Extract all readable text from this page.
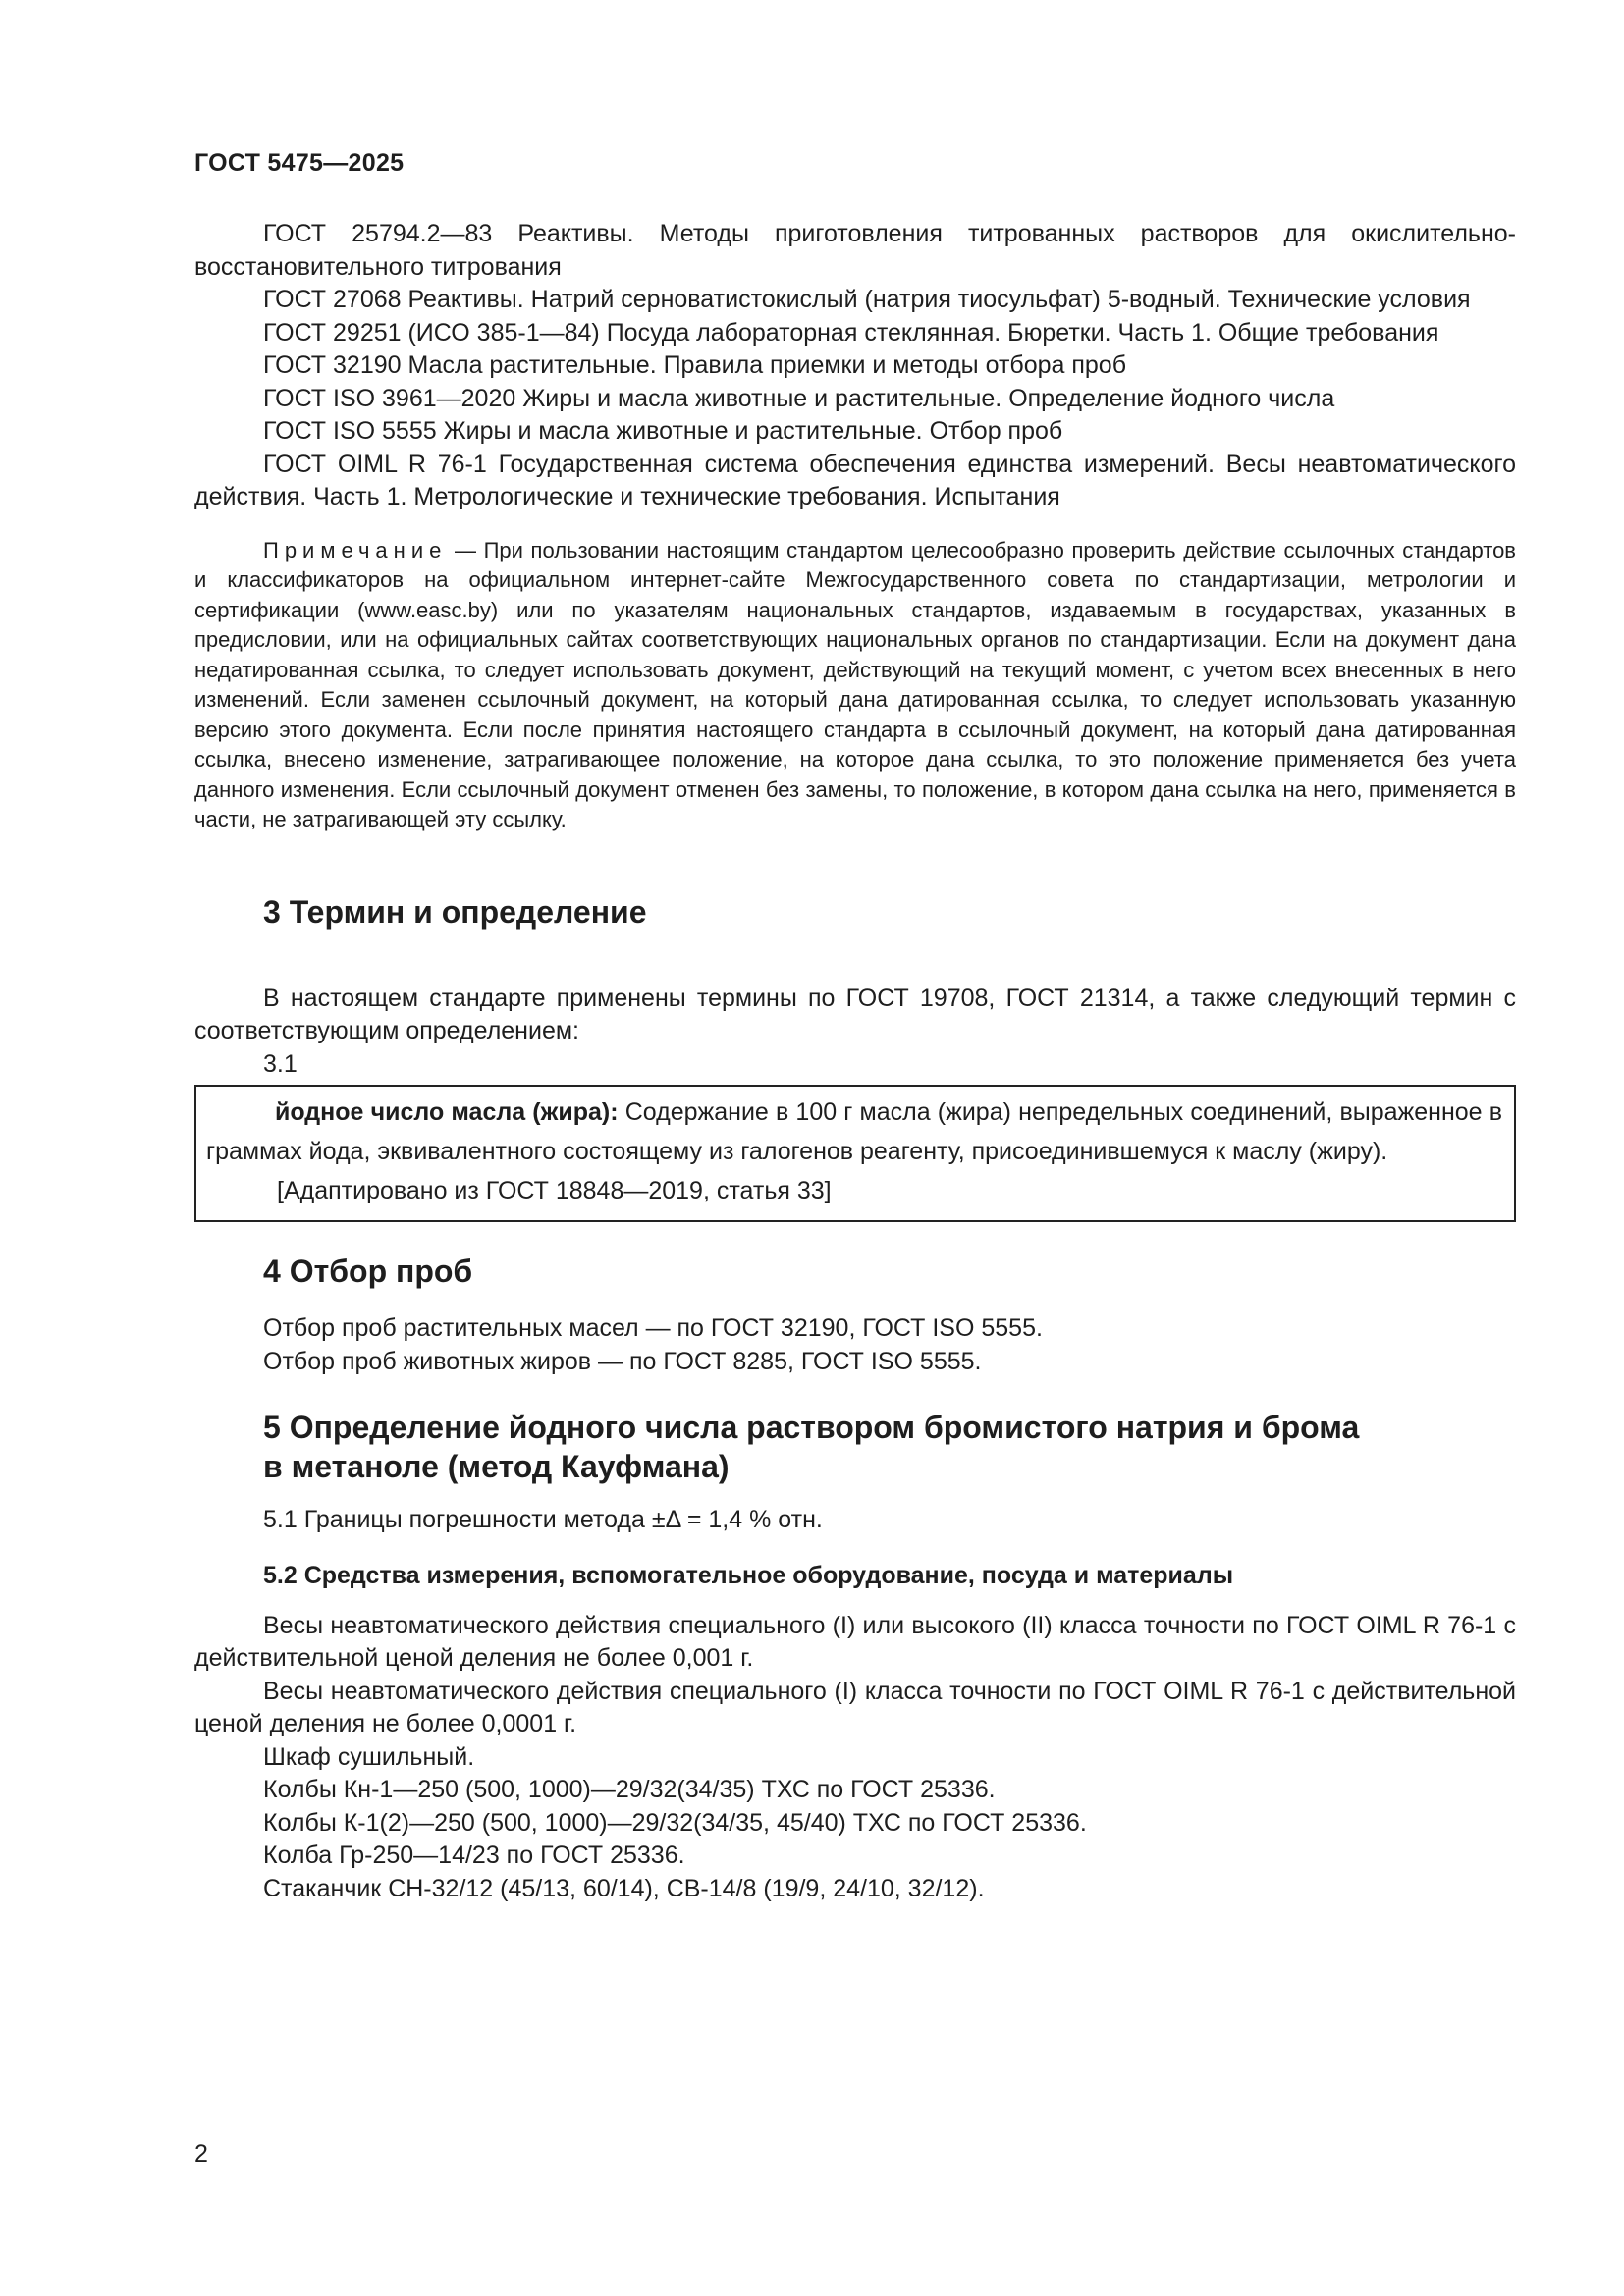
ГОСТ 5475—2025

ГОСТ 25794.2—83 Реактивы. Методы приготовления титрованных растворов для окислительно-восстановительного титрования

ГОСТ 27068 Реактивы. Натрий серноватистокислый (натрия тиосульфат) 5-водный. Технические условия

ГОСТ 29251 (ИСО 385-1—84) Посуда лабораторная стеклянная. Бюретки. Часть 1. Общие требования

ГОСТ 32190 Масла растительные. Правила приемки и методы отбора проб

ГОСТ ISO 3961—2020 Жиры и масла животные и растительные. Определение йодного числа

ГОСТ ISO 5555 Жиры и масла животные и растительные. Отбор проб

ГОСТ OIML R 76-1 Государственная система обеспечения единства измерений. Весы неавтоматического действия. Часть 1. Метрологические и технические требования. Испытания

Примечание — При пользовании настоящим стандартом целесообразно проверить действие ссылочных стандартов и классификаторов на официальном интернет-сайте Межгосударственного совета по стандартизации, метрологии и сертификации (www.easc.by) или по указателям национальных стандартов, издаваемым в государствах, указанных в предисловии, или на официальных сайтах соответствующих национальных органов по стандартизации. Если на документ дана недатированная ссылка, то следует использовать документ, действующий на текущий момент, с учетом всех внесенных в него изменений. Если заменен ссылочный документ, на который дана датированная ссылка, то следует использовать указанную версию этого документа. Если после принятия настоящего стандарта в ссылочный документ, на который дана датированная ссылка, внесено изменение, затрагивающее положение, на которое дана ссылка, то это положение применяется без учета данного изменения. Если ссылочный документ отменен без замены, то положение, в котором дана ссылка на него, применяется в части, не затрагивающей эту ссылку.

3 Термин и определение

В настоящем стандарте применены термины по ГОСТ 19708, ГОСТ 21314, а также следующий термин с соответствующим определением:

3.1

йодное число масла (жира): Содержание в 100 г масла (жира) непредельных соединений, выраженное в граммах йода, эквивалентного состоящему из галогенов реагенту, присоединившемуся к маслу (жиру).

[Адаптировано из ГОСТ 18848—2019, статья 33]

4 Отбор проб

Отбор проб растительных масел — по ГОСТ 32190, ГОСТ ISO 5555.

Отбор проб животных жиров — по ГОСТ 8285, ГОСТ ISO 5555.

5 Определение йодного числа раствором бромистого натрия и брома
в метаноле (метод Кауфмана)

5.1 Границы погрешности метода ±Δ = 1,4 % отн.

5.2 Средства измерения, вспомогательное оборудование, посуда и материалы

Весы неавтоматического действия специального (I) или высокого (II) класса точности по ГОСТ OIML R 76-1 с действительной ценой деления не более 0,001 г.

Весы неавтоматического действия специального (I) класса точности по ГОСТ OIML R 76-1 с действительной ценой деления не более 0,0001 г.

Шкаф сушильный.

Колбы Кн-1—250 (500, 1000)—29/32(34/35) ТХС по ГОСТ 25336.

Колбы К-1(2)—250 (500, 1000)—29/32(34/35, 45/40) ТХС по ГОСТ 25336.

Колба Гр-250—14/23 по ГОСТ 25336.

Стаканчик СН-32/12 (45/13, 60/14), СВ-14/8 (19/9, 24/10, 32/12).

2
